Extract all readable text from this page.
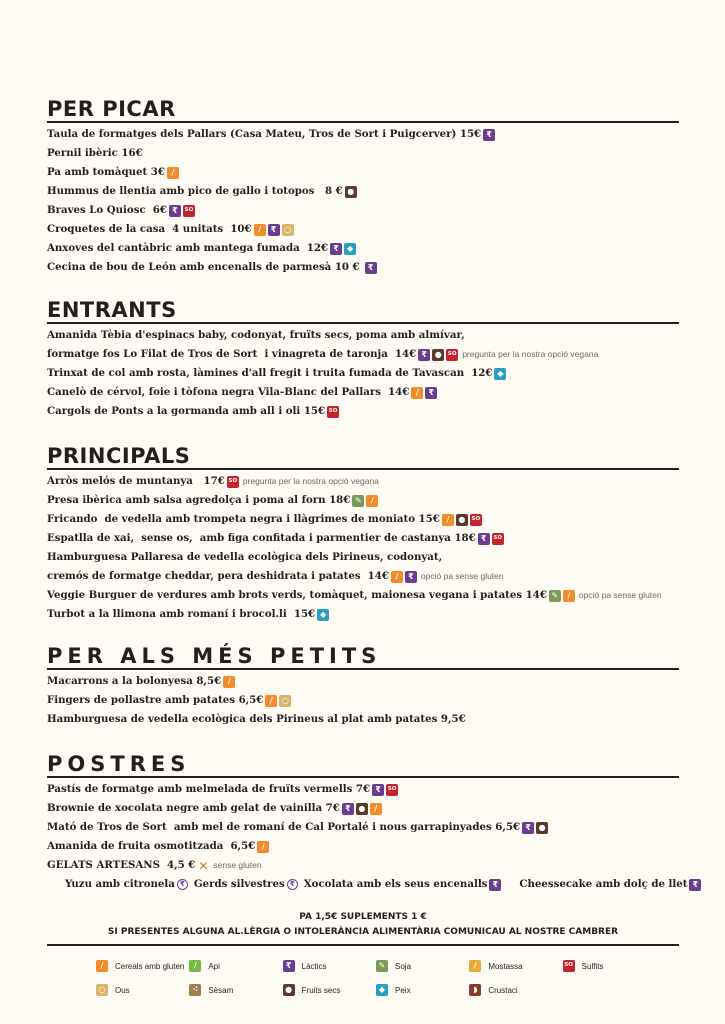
PER PICAR
Taula de formatges dels Pallars (Casa Mateu, Tros de Sort i Puigcerver) 15€ ₹
Pernil ibèric 16€
Pa amb tomàquet 3€ /
Hummus de llentia amb pico de gallo i totopos   8 € ●
Braves Lo Quiosc  6€ ₹	SO
Croquetes de la casa  4 unitats  10€ /	₹ ○
Anxoves del cantàbric amb mantega fumada  12€ ₹	◆
Cecina de bou de León amb encenalls de parmesà 10 €	₹
ENTRANTS
Amanida Tèbia d'espinacs baby, codonyat, fruïts secs, poma amb almívar,
formatge fos Lo Filat de Tros de Sort  i vinagreta de taronja  14€ ₹ ●	SO pregunta per la nostra opció vegana
Trinxat de col amb rosta, làmines d'all fregit i truita fumada de Tavascan  12€ ◆
Canelò de cérvol, foie i tòfona negra Vila-Blanc del Pallars  14€ /	₹
Cargols de Ponts a la gormanda amb all i oli 15€ SO
PRINCIPALS
Arròs melós de muntanya   17€ SO pregunta per la nostra opció vegana
Presa ibèrica amb salsa agredolça i poma al forn 18€ ✎	/
Fricando  de vedella amb trompeta negra i llàgrimes de moniato 15€ /	●	SO
Espatlla de xai,  sense os,  amb figa confitada i parmentier de castanya 18€ ₹	SO
Hamburguesa Pallaresa de vedella ecològica dels Pirineus, codonyat,
cremós de formatge cheddar, pera deshidrata i patates  14€ /	₹ opció pa sense gluten
Veggie Burguer de verdures amb brots verds, tomàquet, maionesa vegana i patates 14€ ✎	/	opció pa sense gluten
Turbot a la llimona amb romaní i brocol.li  15€ ◆
PER ALS MÉS PETITS
Macarrons a la bolonyesa 8,5€ /
Fingers de pollastre amb patates 6,5€ /	○
Hamburguesa de vedella ecològica dels Pirineus al plat amb patates 9,5€
POSTRES
Pastís de formatge amb melmelada de fruïts vermells 7€ ₹	SO
Brownie de xocolata negre amb gelat de vainilla 7€ ₹ ●	/
Mató de Tros de Sort  amb mel de romaní de Cal Portalé i nous garrapinyades 6,5€ ₹ ●
Amanida de fruita osmotitzada  6,5€ /
GELATS ARTESANS  4,5 € ✕ sense gluten
Yuzu amb citronela ₹ Gerds silvestres ₹ Xocolata amb els seus encenalls ₹	Cheessecake amb dolç de llet ₹
PA 1,5€ SUPLEMENTS 1 €
SI PRESENTES ALGUNA AL.LÈRGIA O INTOLERÀNCIA ALIMENTÀRIA COMUNICAU AL NOSTRE CAMBRER
/	Cereals amb gluten	/	Api	₹	Làctics	✎	Soja	/	Mostassa	SO Sulfits
○	Ous	⁖	Sèsam	●	Fruits secs	◆	Peix	◗	Crustaci
